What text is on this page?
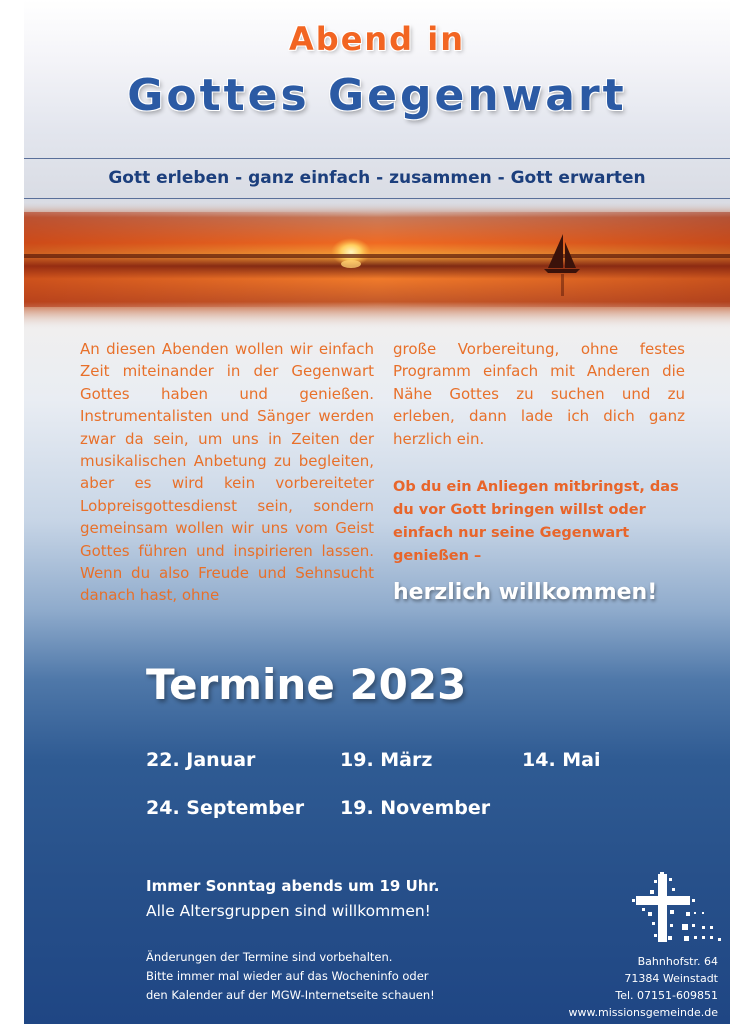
Abend in
Gottes Gegenwart
Gott erleben - ganz einfach - zusammen - Gott erwarten

An diesen Abenden wollen wir einfach Zeit miteinander in der Gegenwart Gottes haben und genießen. Instrumentalisten und Sänger werden zwar da sein, um uns in Zeiten der musikalischen Anbetung zu begleiten, aber es wird kein vorbereiteter Lobpreisgottesdienst sein, sondern gemeinsam wollen wir uns vom Geist Gottes führen und inspirieren lassen. Wenn du also Freude und Sehnsucht danach hast, ohne

große Vorbereitung, ohne festes Programm einfach mit Anderen die Nähe Gottes zu suchen und zu erleben, dann lade ich dich ganz herzlich ein.

Ob du ein Anliegen mitbringst, das du vor Gott bringen willst oder einfach nur seine Gegenwart genießen –

herzlich willkommen!

Termine 2023
22. Januar	19. März	14. Mai
24. September 19. November
Immer Sonntag abends um 19 Uhr.
Alle Altersgruppen sind willkommen!
Änderungen der Termine sind vorbehalten.
Bitte immer mal wieder auf das Wocheninfo oder
den Kalender auf der MGW-Internetseite schauen!
Bahnhofstr. 64
71384 Weinstadt
Tel. 07151-609851
www.missionsgemeinde.de
